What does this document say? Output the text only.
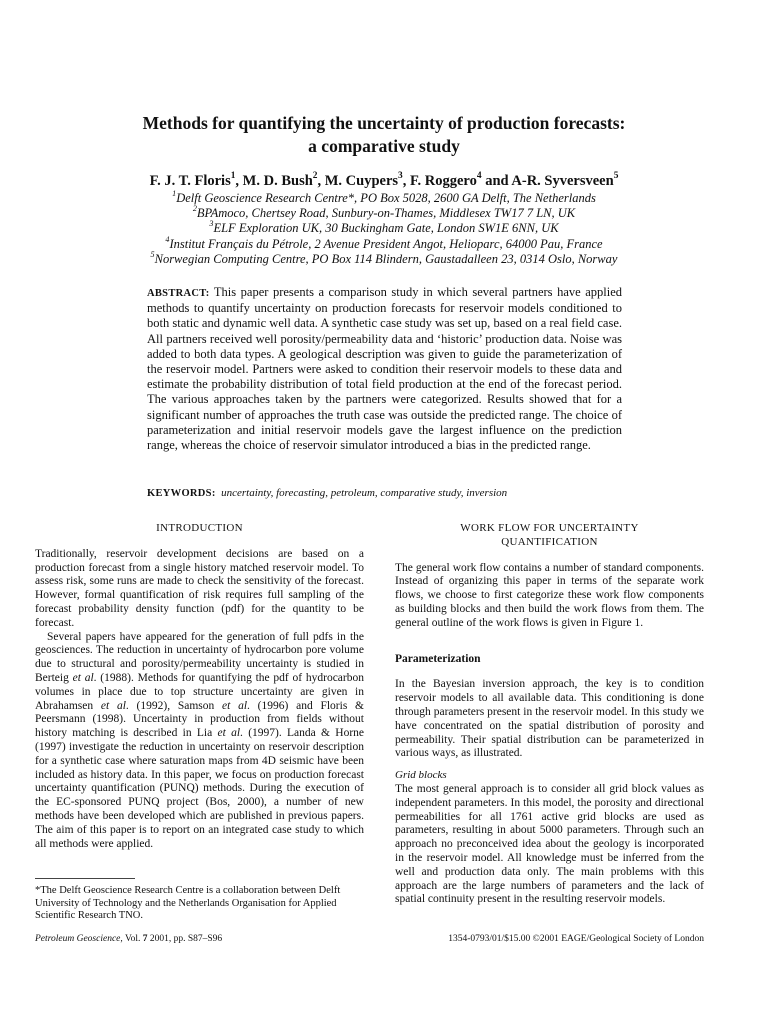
Methods for quantifying the uncertainty of production forecasts:
a comparative study
F. J. T. Floris$^1$, M. D. Bush$^2$, M. Cuypers$^3$, F. Roggero$^4$ and A-R. Syversveen$^5$
$^1$Delft Geoscience Research Centre*, PO Box 5028, 2600 GA Delft, The Netherlands
$^2$BPAmoco, Chertsey Road, Sunbury-on-Thames, Middlesex TW17 7 LN, UK
$^3$ELF Exploration UK, 30 Buckingham Gate, London SW1E 6NN, UK
$^4$Institut Français du Pétrole, 2 Avenue President Angot, Helioparc, 64000 Pau, France
$^5$Norwegian Computing Centre, PO Box 114 Blindern, Gaustadalleen 23, 0314 Oslo, Norway
ABSTRACT: This paper presents a comparison study in which several partners have applied methods to quantify uncertainty on production forecasts for reservoir models conditioned to both static and dynamic well data. A synthetic case study was set up, based on a real field case. All partners received well porosity/permeability data and ‘historic’ production data. Noise was added to both data types. A geological description was given to guide the parameterization of the reservoir model. Partners were asked to condition their reservoir models to these data and estimate the probability distribution of total field production at the end of the forecast period. The various approaches taken by the partners were categorized. Results showed that for a significant number of approaches the truth case was outside the predicted range. The choice of parameterization and initial reservoir models gave the largest influence on the prediction range, whereas the choice of reservoir simulator introduced a bias in the predicted range.
KEYWORDS: uncertainty, forecasting, petroleum, comparative study, inversion
INTRODUCTION

Traditionally, reservoir development decisions are based on a production forecast from a single history matched reservoir model. To assess risk, some runs are made to check the sensitivity of the forecast. However, formal quantification of risk requires full sampling of the forecast probability density function (pdf) for the quantity to be forecast.

Several papers have appeared for the generation of full pdfs in the geosciences. The reduction in uncertainty of hydrocarbon pore volume due to structural and porosity/permeability uncertainty is studied in Berteig et al. (1988). Methods for quantifying the pdf of hydrocarbon volumes in place due to top structure uncertainty are given in Abrahamsen et al. (1992), Samson et al. (1996) and Floris & Peersmann (1998). Uncertainty in production from fields without history matching is described in Lia et al. (1997). Landa & Horne (1997) investigate the reduction in uncertainty on reservoir description for a synthetic case where saturation maps from 4D seismic have been included as history data. In this paper, we focus on production forecast uncertainty quantification (PUNQ) methods. During the execution of the EC-sponsored PUNQ project (Bos, 2000), a number of new methods have been developed which are published in previous papers. The aim of this paper is to report on an integrated case study to which all methods were applied.

*The Delft Geoscience Research Centre is a collaboration between Delft University of Technology and the Netherlands Organisation for Applied Scientific Research TNO.
WORK FLOW FOR UNCERTAINTY
QUANTIFICATION

The general work flow contains a number of standard components. Instead of organizing this paper in terms of the separate work flows, we choose to first categorize these work flow components as building blocks and then build the work flows from them. The general outline of the work flows is given in Figure 1.

Parameterization

In the Bayesian inversion approach, the key is to condition reservoir models to all available data. This conditioning is done through parameters present in the reservoir model. In this study we have concentrated on the spatial distribution of porosity and permeability. Their spatial distribution can be parameterized in various ways, as illustrated.

Grid blocks

The most general approach is to consider all grid block values as independent parameters. In this model, the porosity and directional permeabilities for all 1761 active grid blocks are used as parameters, resulting in about 5000 parameters. Through such an approach no preconceived idea about the geology is incorporated in the reservoir model. All knowledge must be inferred from the well and production data only. The main problems with this approach are the large numbers of parameters and the lack of spatial continuity present in the resulting reservoir models.

Petroleum Geoscience, Vol. 7 2001, pp. S87–S96	1354-0793/01/$15.00 ©2001 EAGE/Geological Society of London
